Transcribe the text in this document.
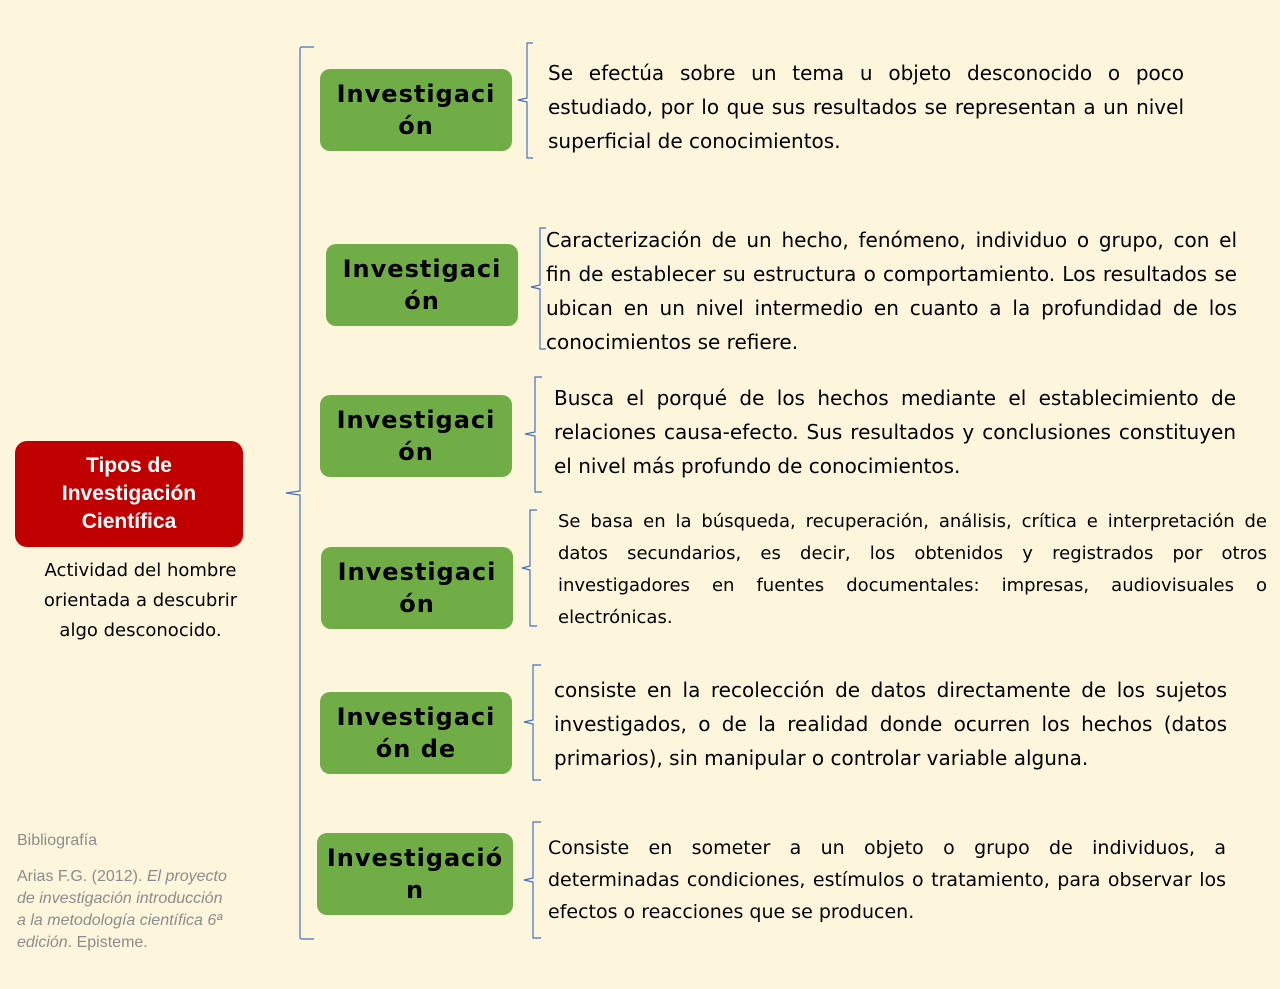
Tipos de Investigación Científica
Actividad del hombre orientada a descubrir algo desconocido.
Investigación
Se efectúa sobre un tema u objeto desconocido o poco estudiado, por lo que sus resultados se representan a un nivel superficial de conocimientos.
Investigación
Caracterización de un hecho, fenómeno, individuo o grupo, con el fin de establecer su estructura o comportamiento. Los resultados se ubican en un nivel intermedio en cuanto a la profundidad de los conocimientos se refiere.
Investigación
Busca el porqué de los hechos mediante el establecimiento de relaciones causa-efecto. Sus resultados y conclusiones constituyen el nivel más profundo de conocimientos.
Investigación
Se basa en la búsqueda, recuperación, análisis, crítica e interpretación de datos secundarios, es decir, los obtenidos y registrados por otros investigadores en fuentes documentales: impresas, audiovisuales o electrónicas.
Investigación de
consiste en la recolección de datos directamente de los sujetos investigados, o de la realidad donde ocurren los hechos (datos primarios), sin manipular o controlar variable alguna.
Investigación
Consiste en someter a un objeto o grupo de individuos, a determinadas condiciones, estímulos o tratamiento, para observar los efectos o reacciones que se producen.
Bibliografía
Arias F.G. (2012). El proyecto de investigación introducción a la metodología científica 6ª edición. Episteme.
